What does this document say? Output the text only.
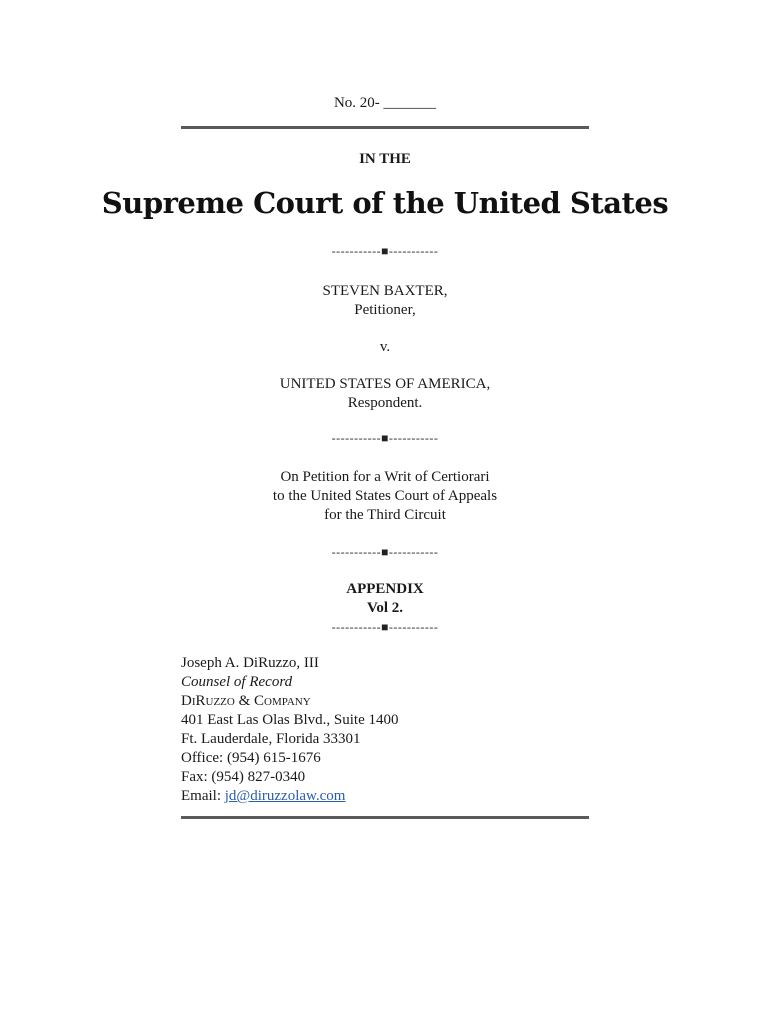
No. 20- _______
IN THE
Supreme Court of the United States
-----------■-----------
STEVEN BAXTER,
Petitioner,
v.
UNITED STATES OF AMERICA,
Respondent.
-----------■-----------
On Petition for a Writ of Certiorari
to the United States Court of Appeals
for the Third Circuit
-----------■-----------
APPENDIX
Vol 2.
-----------■-----------
Joseph A. DiRuzzo, III
Counsel of Record
DiRuzzo & Company
401 East Las Olas Blvd., Suite 1400
Ft. Lauderdale, Florida 33301
Office: (954) 615-1676
Fax: (954) 827-0340
Email: jd@diruzzolaw.com
